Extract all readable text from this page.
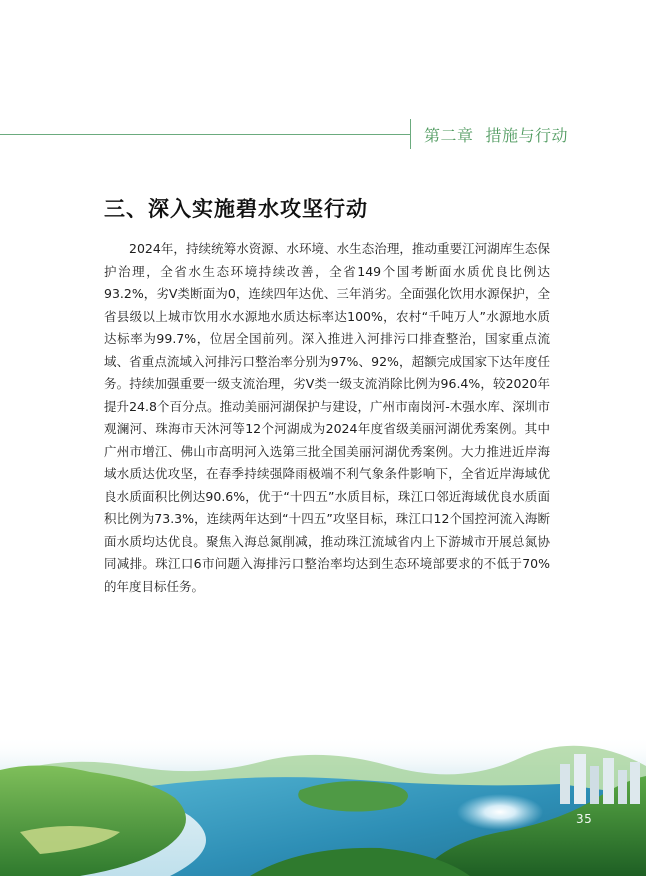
第二章 措施与行动
三、深入实施碧水攻坚行动

2024年，持续统筹水资源、水环境、水生态治理，推动重要江河湖库生态保护治理，全省水生态环境持续改善，全省149个国考断面水质优良比例达93.2%，劣V类断面为0，连续四年达优、三年消劣。全面强化饮用水源保护，全省县级以上城市饮用水水源地水质达标率达100%，农村“千吨万人”水源地水质达标率为99.7%，位居全国前列。深入推进入河排污口排查整治，国家重点流域、省重点流域入河排污口整治率分别为97%、92%，超额完成国家下达年度任务。持续加强重要一级支流治理，劣V类一级支流消除比例为96.4%，较2020年提升24.8个百分点。推动美丽河湖保护与建设，广州市南岗河-木强水库、深圳市观澜河、珠海市天沐河等12个河湖成为2024年度省级美丽河湖优秀案例。其中广州市增江、佛山市高明河入选第三批全国美丽河湖优秀案例。大力推进近岸海域水质达优攻坚，在春季持续强降雨极端不利气象条件影响下，全省近岸海域优良水质面积比例达90.6%，优于“十四五”水质目标，珠江口邻近海域优良水质面积比例为73.3%，连续两年达到“十四五”攻坚目标，珠江口12个国控河流入海断面水质均达优良。聚焦入海总氮削减，推动珠江流域省内上下游城市开展总氮协同减排。珠江口6市问题入海排污口整治率均达到生态环境部要求的不低于70%的年度目标任务。

35
